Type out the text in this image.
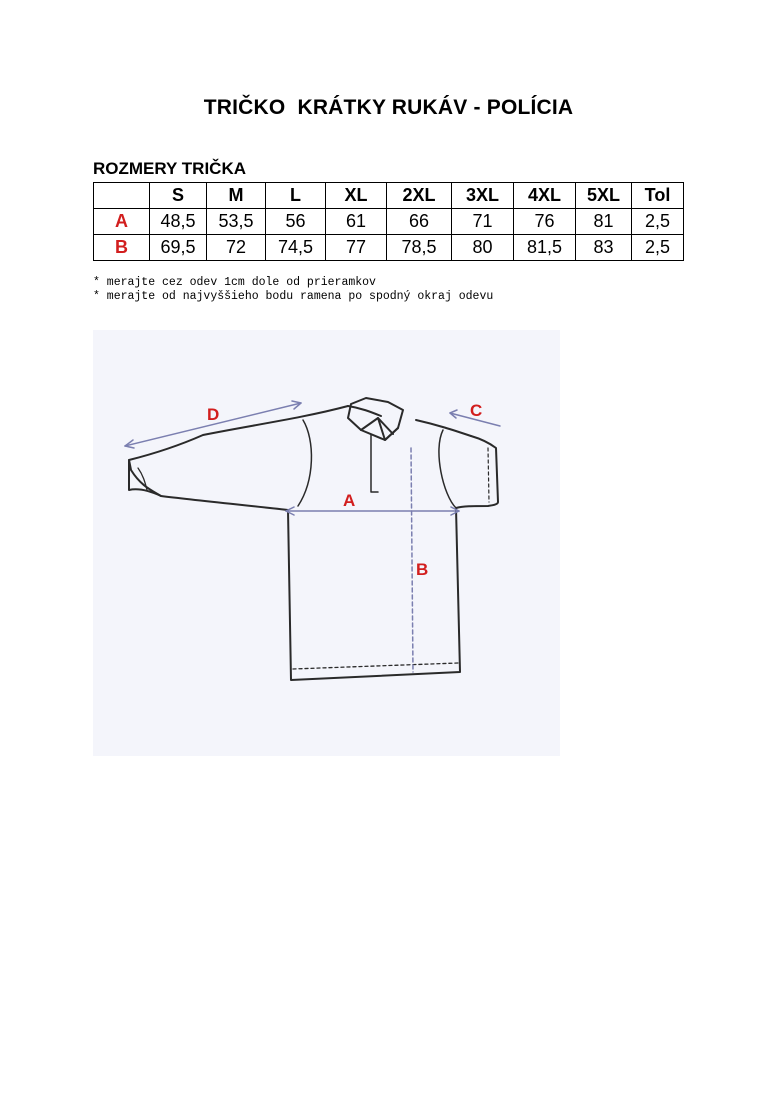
TRIČKO  KRÁTKY RUKÁV - POLÍCIA
ROZMERY TRIČKA
	S	M	L	XL	2XL	3XL	4XL	5XL	Tol
A	48,5	53,5	56	61	66	71	76	81	2,5
B	69,5	72	74,5	77	78,5	80	81,5	83	2,5
* merajte cez odev 1cm dole od prieramkov
* merajte od najvyššieho bodu ramena po spodný okraj odevu
D
A
B
C
